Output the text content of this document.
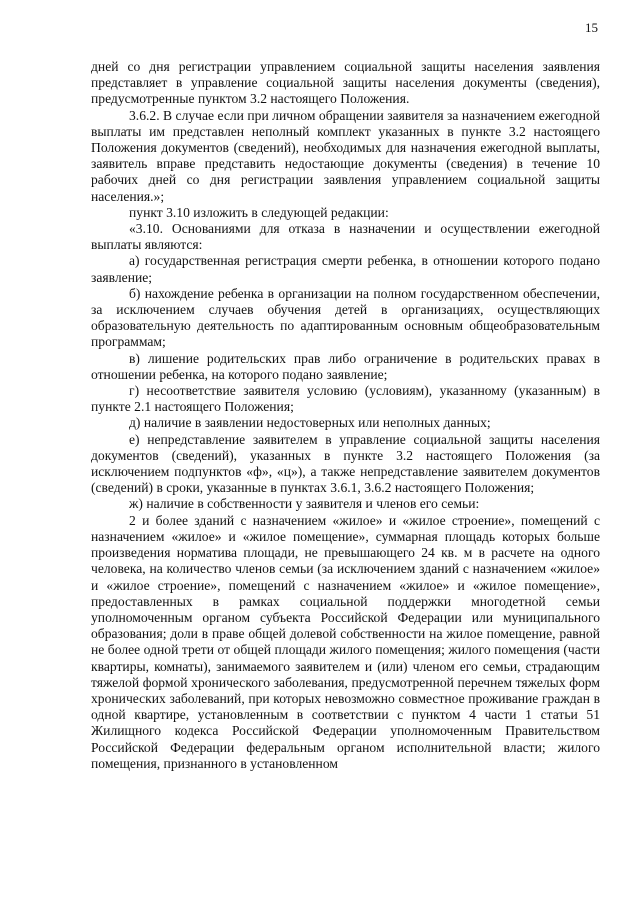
15

дней со дня регистрации управлением социальной защиты населения заявления представляет в управление социальной защиты населения документы (сведения), предусмотренные пунктом 3.2 настоящего Положения.

3.6.2. В случае если при личном обращении заявителя за назначением ежегодной выплаты им представлен неполный комплект указанных в пункте 3.2 настоящего Положения документов (сведений), необходимых для назначения ежегодной выплаты, заявитель вправе представить недостающие документы (сведения) в течение 10 рабочих дней со дня регистрации заявления управлением социальной защиты населения.»;

пункт 3.10 изложить в следующей редакции:

«3.10. Основаниями для отказа в назначении и осуществлении ежегодной выплаты являются:

а) государственная регистрация смерти ребенка, в отношении которого подано заявление;

б) нахождение ребенка в организации на полном государственном обеспечении, за исключением случаев обучения детей в организациях, осуществляющих образовательную деятельность по адаптированным основным общеобразовательным программам;

в) лишение родительских прав либо ограничение в родительских правах в отношении ребенка, на которого подано заявление;

г) несоответствие заявителя условию (условиям), указанному (указанным) в пункте 2.1 настоящего Положения;

д) наличие в заявлении недостоверных или неполных данных;

е) непредставление заявителем в управление социальной защиты населения документов (сведений), указанных в пункте 3.2 настоящего Положения (за исключением подпунктов «ф», «ц»), а также непредставление заявителем документов (сведений) в сроки, указанные в пунктах 3.6.1, 3.6.2 настоящего Положения;

ж) наличие в собственности у заявителя и членов его семьи:

2 и более зданий с назначением «жилое» и «жилое строение», помещений с назначением «жилое» и «жилое помещение», суммарная площадь которых больше произведения норматива площади, не превышающего 24 кв. м в расчете на одного человека, на количество членов семьи (за исключением зданий с назначением «жилое» и «жилое строение», помещений с назначением «жилое» и «жилое помещение», предоставленных в рамках социальной поддержки многодетной семьи уполномоченным органом субъекта Российской Федерации или муниципального образования; доли в праве общей долевой собственности на жилое помещение, равной не более одной трети от общей площади жилого помещения; жилого помещения (части квартиры, комнаты), занимаемого заявителем и (или) членом его семьи, страдающим тяжелой формой хронического заболевания, предусмотренной перечнем тяжелых форм хронических заболеваний, при которых невозможно совместное проживание граждан в одной квартире, установленным в соответствии с пунктом 4 части 1 статьи 51 Жилищного кодекса Российской Федерации уполномоченным Правительством Российской Федерации федеральным органом исполнительной власти; жилого помещения, признанного в установленном
